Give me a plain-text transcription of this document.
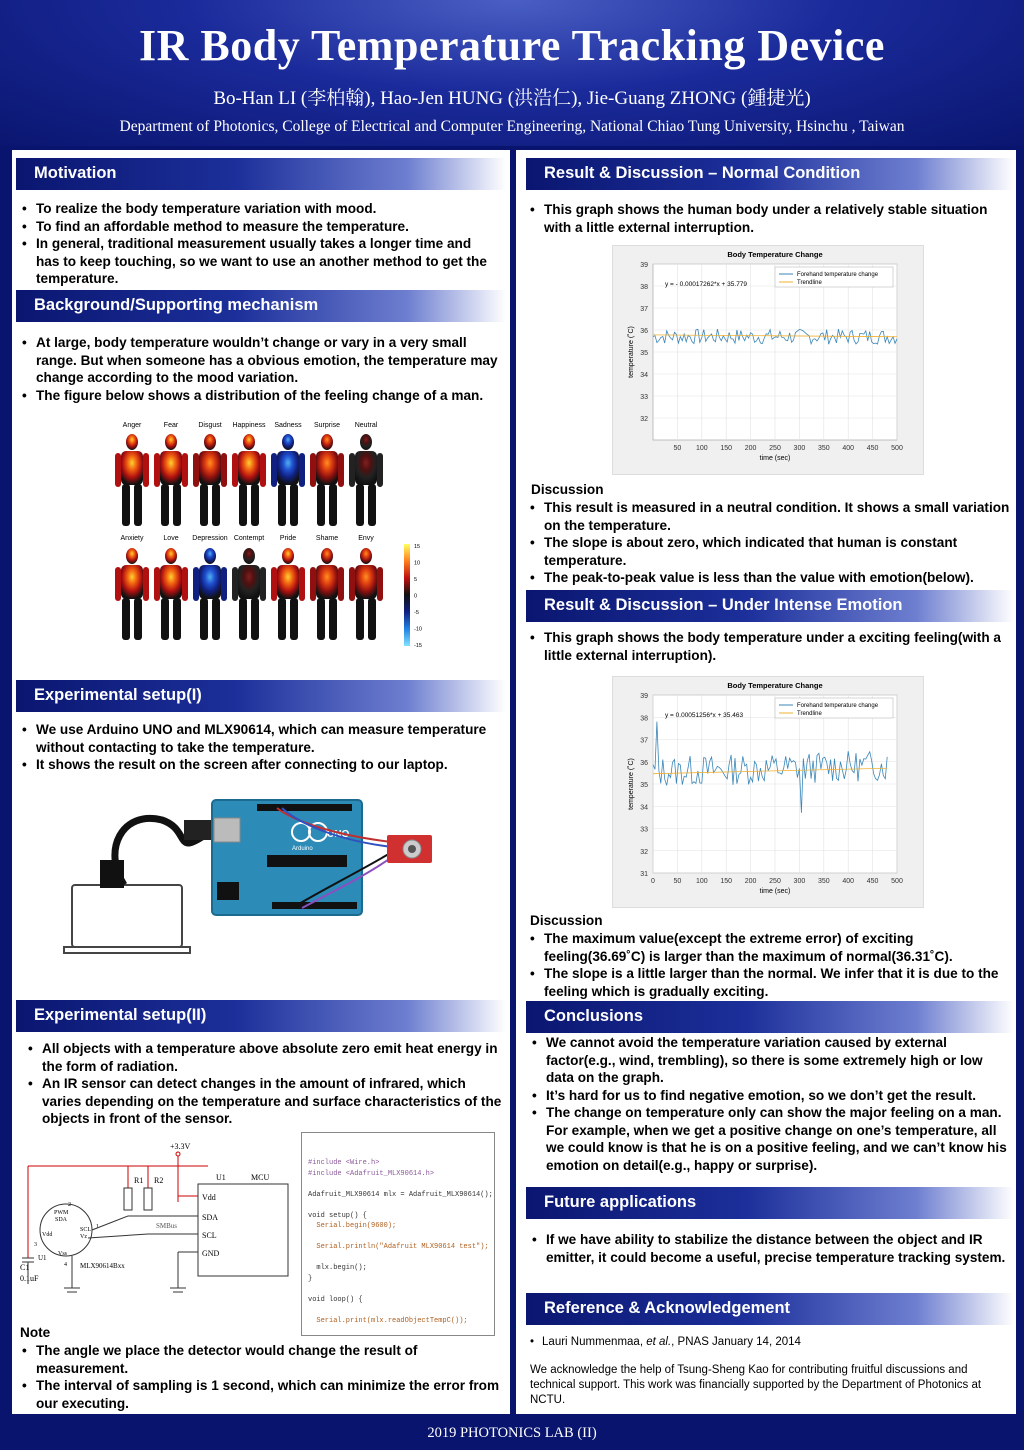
IR Body Temperature Tracking Device
Bo-Han LI (李柏翰), Hao-Jen HUNG (洪浩仁), Jie-Guang ZHONG (鍾捷光)
Department of Photonics, College of Electrical and Computer Engineering, National Chiao Tung University, Hsinchu , Taiwan
Motivation
• To realize the body temperature variation with mood.
• To find an affordable method to measure the temperature.
• In general, traditional measurement usually takes a longer time and has to keep touching, so we want to use an another method to get the temperature.
Background/Supporting mechanism
• At large, body temperature wouldn’t change or vary in a very small range. But when someone has a obvious emotion, the temperature may change according to the mood variation.
• The figure below shows a distribution of the feeling change of a man.
Anger	Fear	Disgust Happiness Sadness Surprise Neutral
Anxiety	Love Depression Contempt Pride	Shame	Envy
15
10
5
0
-5
-10
-15
Experimental setup(I)
• We use Arduino UNO and MLX90614, which can measure temperature without contacting to take the temperature.
• It shows the result on the screen after connecting to our laptop.
UNO
Arduino
Experimental setup(II)
• All objects with a temperature above absolute zero emit heat energy in the form of radiation.
• An IR sensor can detect changes in the amount of infrared, which varies depending on the temperature and surface characteristics of the objects in front of the sensor.
+3.3V
R1 R2	U1	MCU
Vdd
SDA
SCL
GND
SMBus
PWM
SDA
SCL
Vz
Vdd
Vss
MLX90614Bxx
U1
2
1
3
4
C1
0.1uF

#include <Wire.h>
#include <Adafruit_MLX90614.h>
Adafruit_MLX90614 mlx = Adafruit_MLX90614();
void setup() {
Serial.begin(9600);
Serial.println("Adafruit MLX90614 test");
mlx.begin();
}
void loop() {
Serial.print(mlx.readObjectTempC());

Note
• The angle we place the detector would change the result of measurement.
• The interval of sampling is 1 second, which can minimize the error from our executing.
Result & Discussion – Normal Condition
• This graph shows the human body under a relatively stable situation with a little external interruption.
32
33
34
35
36
37
38
39
50 100 150 200 250 300 350 400 450 500
Body Temperature Change
time (sec)
temperature (˚C)
y = - 0.00017262*x + 35.779
Forehand temperature change
Trendline
Discussion
• This result is measured in a neutral condition. It shows a small variation on the temperature.
• The slope is about zero, which indicated that human is constant temperature.
• The peak-to-peak value is less than the value with emotion(below).
Result & Discussion – Under Intense Emotion
• This graph shows the body temperature under a exciting feeling(with a little external interruption).
31
32
33
34
35
36
37
38
39
0	50 100 150 200 250 300 350 400 450 500
Body Temperature Change
time (sec)
temperature (˚C)
y = 0.00051256*x + 35.463
Forehand temperature change
Trendline
Discussion
• The maximum value(except the extreme error) of exciting feeling(36.69˚C) is larger than the maximum of normal(36.31˚C).
• The slope is a little larger than the normal. We infer that it is due to the feeling which is gradually exciting.
Conclusions
• We cannot avoid the temperature variation caused by external factor(e.g., wind, trembling), so there is some extremely high or low data on the graph.
• It’s hard for us to find negative emotion, so we don’t get the result.
• The change on temperature only can show the major feeling on a man. For example, when we get a positive change on one’s temperature, all we could know is that he is on a positive feeling, and we can’t know his emotion on detail(e.g., happy or surprise).
Future applications
• If we have ability to stabilize the distance between the object and IR emitter, it could become a useful, precise temperature tracking system.
Reference & Acknowledgement
• Lauri Nummenmaa, et al., PNAS January 14, 2014
We acknowledge the help of Tsung-Sheng Kao for contributing fruitful discussions and technical support. This work was financially supported by the Department of Photonics at NCTU.
2019 PHOTONICS LAB (II)
